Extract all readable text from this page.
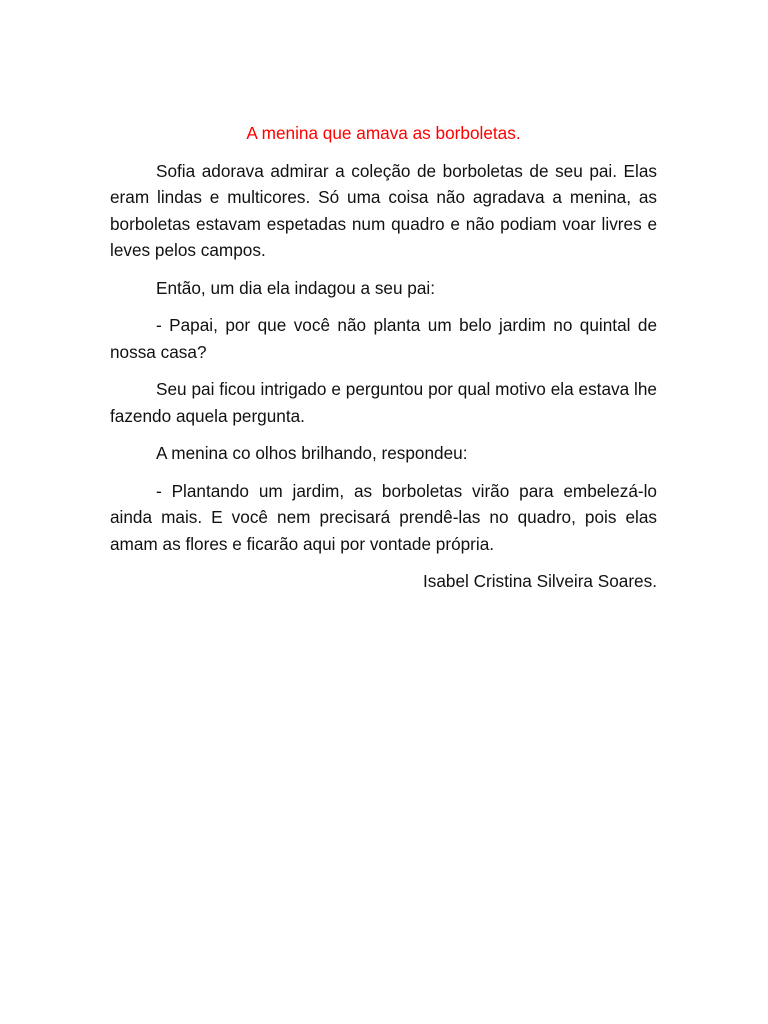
A menina que amava as borboletas.

Sofia adorava admirar a coleção de borboletas de seu pai. Elas eram lindas e multicores. Só uma coisa não agradava a menina, as borboletas estavam espetadas num quadro e não podiam voar livres e leves pelos campos.

Então, um dia ela indagou a seu pai:

- Papai, por que você não planta um belo jardim no quintal de nossa casa?

Seu pai ficou intrigado e perguntou por qual motivo ela estava lhe fazendo aquela pergunta.

A menina co olhos brilhando, respondeu:

- Plantando um jardim, as borboletas virão para embelezá-lo ainda mais. E você nem precisará prendê-las no quadro, pois elas amam as flores e ficarão aqui por vontade própria.

Isabel Cristina Silveira Soares.
